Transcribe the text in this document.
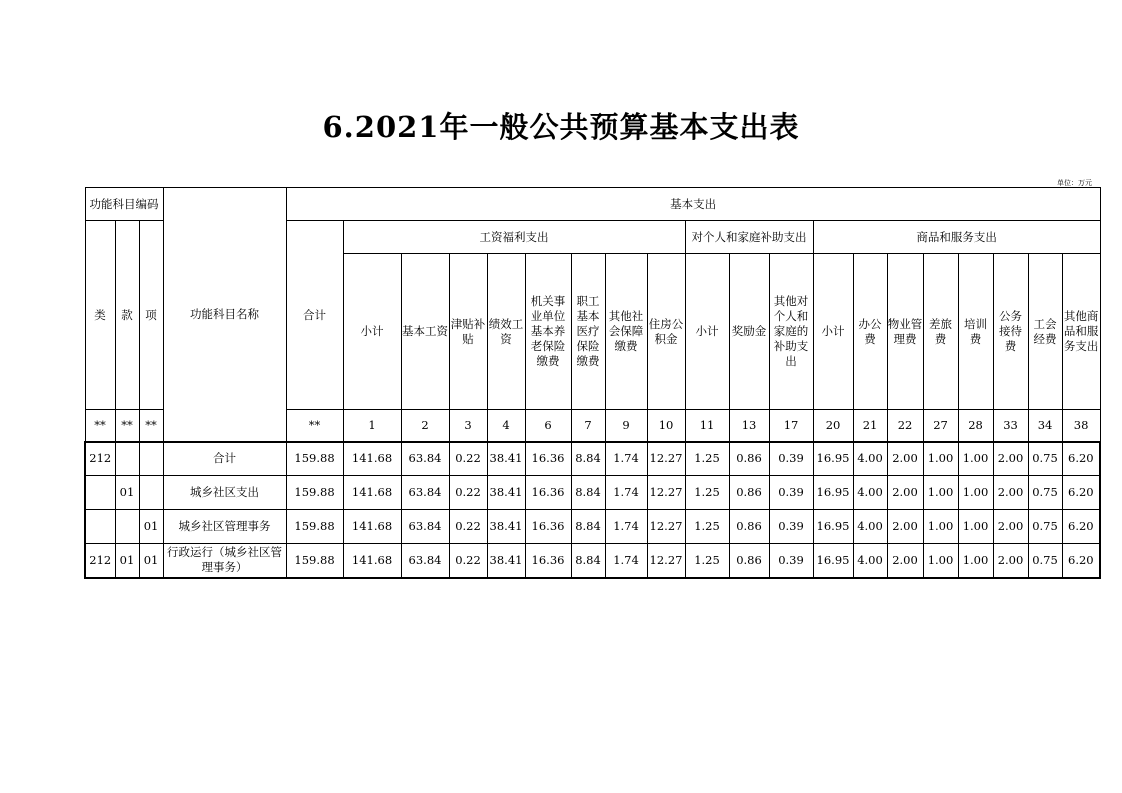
6.2021年一般公共预算基本支出表
单位：万元
功能科目编码			功能科目名称	基本支出																				
类	款	项		合计	工资福利支出								对个人和家庭补助支出			商品和服务支出								
					小计	基本工资	津贴补贴	绩效工资	机关事业单位基本养老保险缴费	职工基本医疗保险缴费	其他社会保障缴费	住房公积金	小计	奖励金	其他对个人和家庭的补助支出	小计	办公费	物业管理费	差旅费	培训费	公务接待费	工会经费	其他商品和服务支出	
**	**	**		**	1	2	3	4	6	7	9	10	11	13	17	20	21	22	27	28	33	34	38	
212			合计	159.88	141.68	63.84	0.22	38.41	16.36	8.84	1.74	12.27	1.25	0.86	0.39	16.95	4.00	2.00	1.00	1.00	2.00	0.75	6.20	
	01		城乡社区支出	159.88	141.68	63.84	0.22	38.41	16.36	8.84	1.74	12.27	1.25	0.86	0.39	16.95	4.00	2.00	1.00	1.00	2.00	0.75	6.20	
		01	城乡社区管理事务	159.88	141.68	63.84	0.22	38.41	16.36	8.84	1.74	12.27	1.25	0.86	0.39	16.95	4.00	2.00	1.00	1.00	2.00	0.75	6.20	
212	01	01	行政运行（城乡社区管理事务）	159.88	141.68	63.84	0.22	38.41	16.36	8.84	1.74	12.27	1.25	0.86	0.39	16.95	4.00	2.00	1.00	1.00	2.00	0.75	6.20	
